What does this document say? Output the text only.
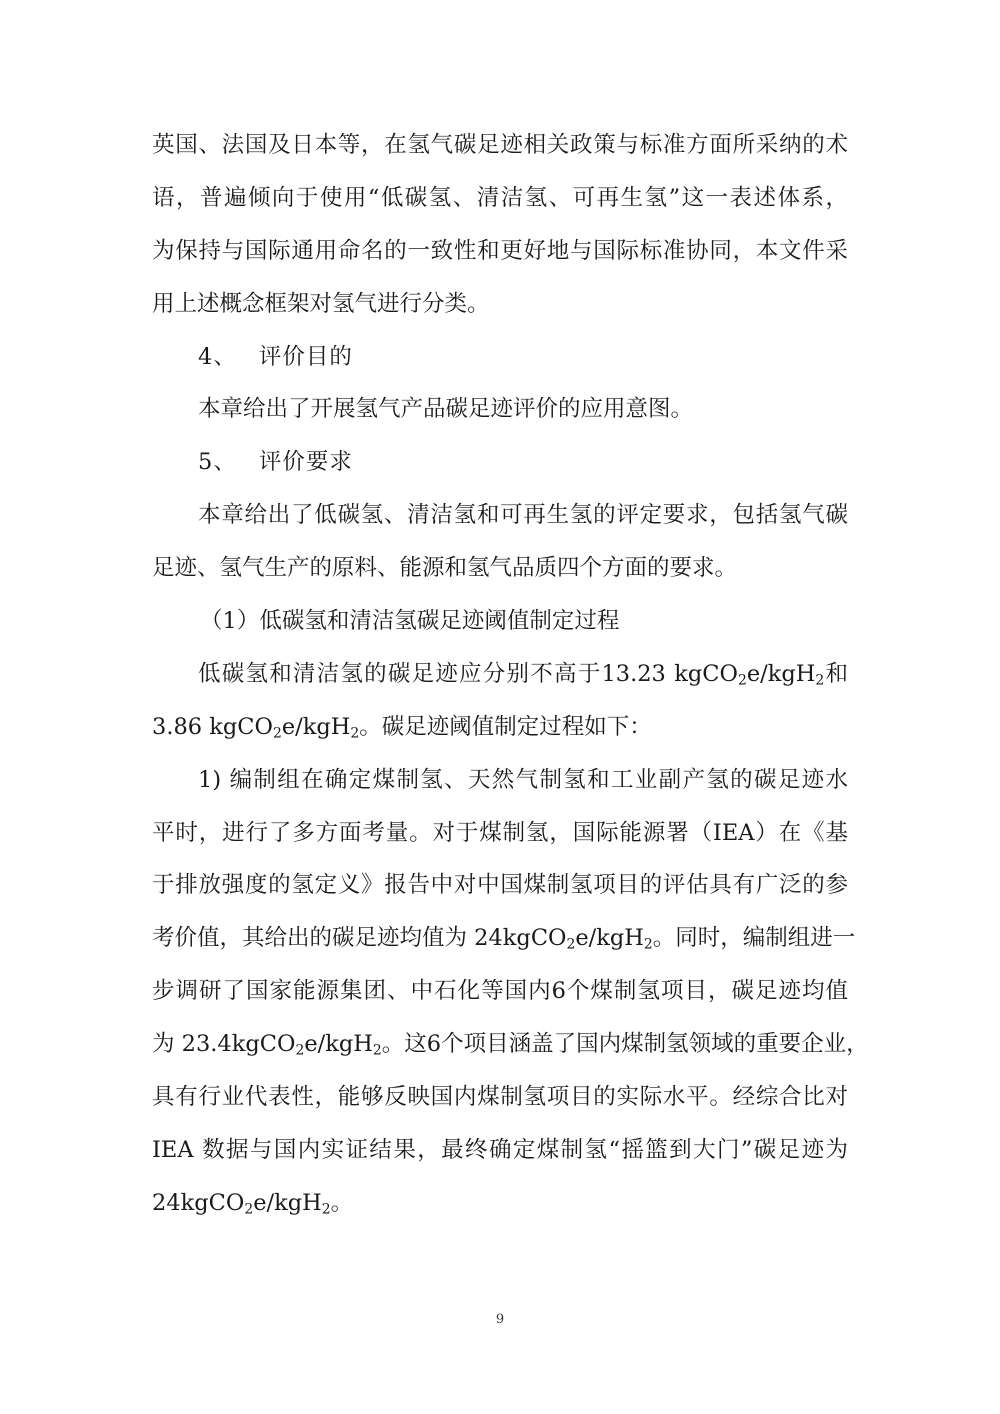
英国、法国及日本等，在氢气碳足迹相关政策与标准方面所采纳的术
语，普遍倾向于使用“低碳氢、清洁氢、可再生氢”这一表述体系，
为保持与国际通用命名的一致性和更好地与国际标准协同，本文件采
用上述概念框架对氢气进行分类。
4、 评价目的
本章给出了开展氢气产品碳足迹评价的应用意图。
5、 评价要求
本章给出了低碳氢、清洁氢和可再生氢的评定要求，包括氢气碳
足迹、氢气生产的原料、能源和氢气品质四个方面的要求。
（1）低碳氢和清洁氢碳足迹阈值制定过程
低碳氢和清洁氢的碳足迹应分别不高于13.23 kgCO$_2$e/kgH$_2$和
3.86 kgCO$_2$e/kgH$_2$。碳足迹阈值制定过程如下：
1) 编制组在确定煤制氢、天然气制氢和工业副产氢的碳足迹水
平时，进行了多方面考量。对于煤制氢，国际能源署（IEA）在《基
于排放强度的氢定义》报告中对中国煤制氢项目的评估具有广泛的参
考价值，其给出的碳足迹均值为 24kgCO$_2$e/kgH$_2$。同时，编制组进一
步调研了国家能源集团、中石化等国内6个煤制氢项目，碳足迹均值
为 23.4kgCO$_2$e/kgH$_2$。这6个项目涵盖了国内煤制氢领域的重要企业，
具有行业代表性，能够反映国内煤制氢项目的实际水平。经综合比对
IEA 数据与国内实证结果，最终确定煤制氢“摇篮到大门”碳足迹为
24kgCO$_2$e/kgH$_2$。
9
